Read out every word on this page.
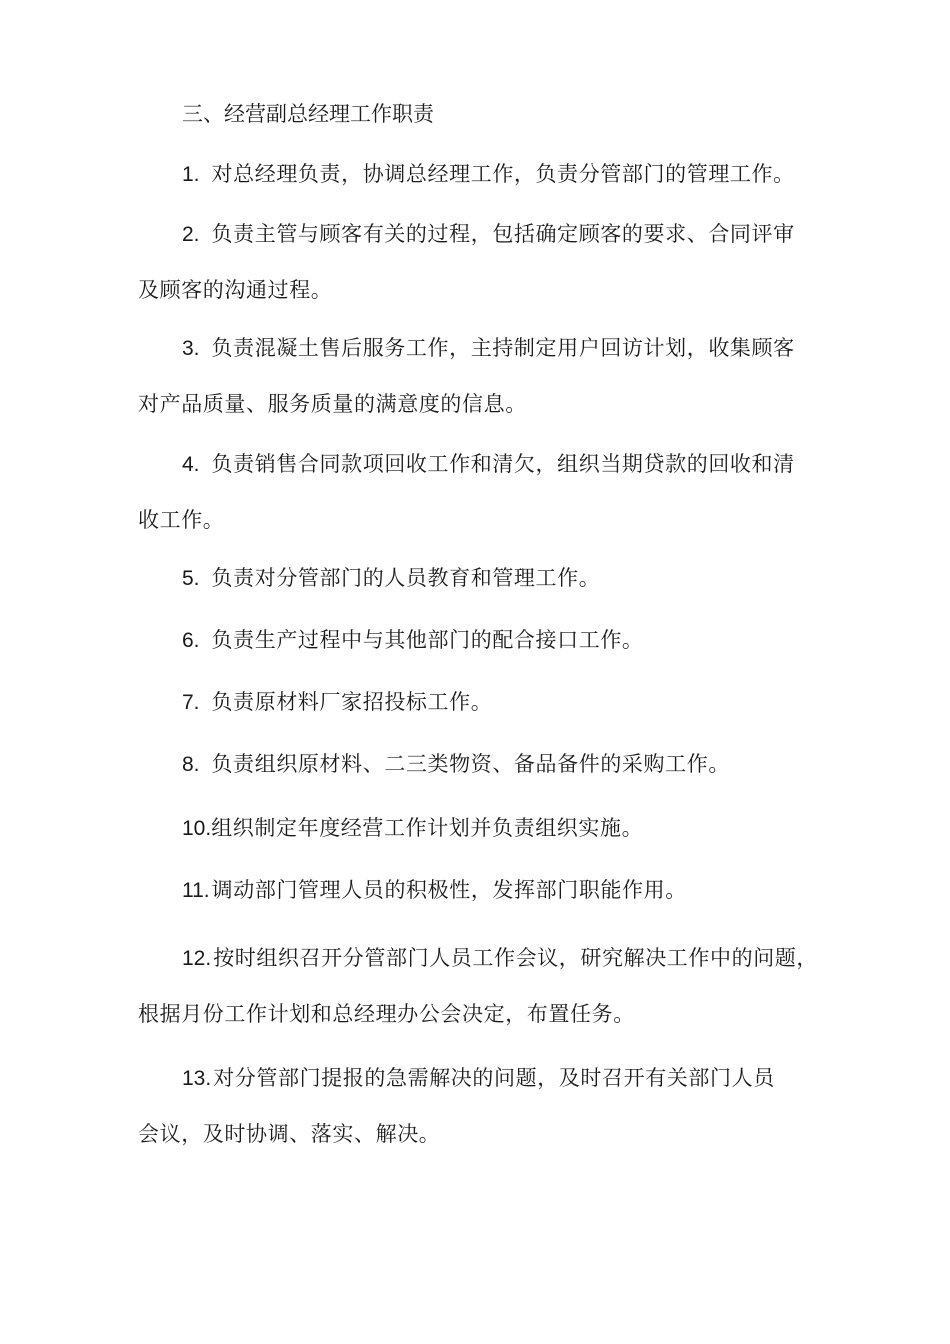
三、经营副总经理工作职责
1. 对总经理负责，协调总经理工作，负责分管部门的管理工作。
2. 负责主管与顾客有关的过程，包括确定顾客的要求、合同评审
及顾客的沟通过程。
3. 负责混凝土售后服务工作，主持制定用户回访计划，收集顾客
对产品质量、服务质量的满意度的信息。
4. 负责销售合同款项回收工作和清欠，组织当期贷款的回收和清
收工作。
5. 负责对分管部门的人员教育和管理工作。
6. 负责生产过程中与其他部门的配合接口工作。
7. 负责原材料厂家招投标工作。
8. 负责组织原材料、二三类物资、备品备件的采购工作。
10.组织制定年度经营工作计划并负责组织实施。
11.调动部门管理人员的积极性，发挥部门职能作用。
12.按时组织召开分管部门人员工作会议，研究解决工作中的问题，
根据月份工作计划和总经理办公会决定，布置任务。
13.对分管部门提报的急需解决的问题，及时召开有关部门人员
会议，及时协调、落实、解决。
